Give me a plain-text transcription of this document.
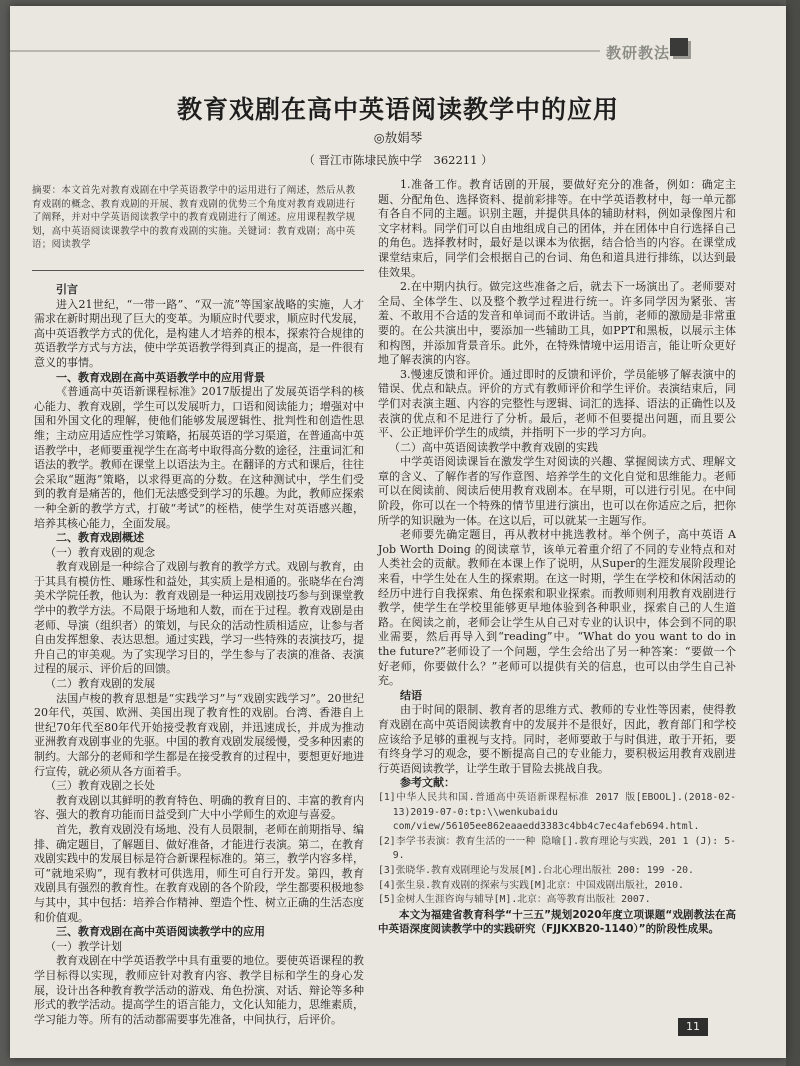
教研教法
教育戏剧在高中英语阅读教学中的应用
◎敖娟琴
（ 晋江市陈埭民族中学　362211 ）
摘要：本文首先对教育戏剧在中学英语教学中的运用进行了阐述，然后从教育戏剧的概念、教育戏剧的开展、教育戏剧的优势三个角度对教育戏剧进行了阐释，并对中学英语阅读教学中的教育戏剧进行了阐述。应用课程教学规划，高中英语阅读课教学中的教育戏剧的实施。关键词：教育戏剧；高中英语；阅读教学
引言

进入21世纪，“一带一路”、“双一流”等国家战略的实施，人才需求在新时期出现了巨大的变革。为顺应时代要求，顺应时代发展，高中英语教学方式的优化，是构建人才培养的根本，探索符合规律的英语教学方式与方法，使中学英语教学得到真正的提高，是一件很有意义的事情。

一、教育戏剧在高中英语教学中的应用背景

《普通高中英语新课程标准》2017版提出了发展英语学科的核心能力、教育戏剧，学生可以发展听力，口语和阅读能力；增强对中国和外国文化的理解，使他们能够发展逻辑性、批判性和创造性思维；主动应用适应性学习策略，拓展英语的学习渠道，在普通高中英语教学中，老师要重视学生在高考中取得高分数的途径，注重词汇和语法的教学。教师在课堂上以语法为主。在翻译的方式和课后，往往会采取“题海”策略，以求得更高的分数。在这种测试中，学生们受到的教育是痛苦的，他们无法感受到学习的乐趣。为此，教师应探索一种全新的教学方式，打破“考试”的桎梏，使学生对英语感兴趣，培养其核心能力，全面发展。

二、教育戏剧概述
（一）教育戏剧的观念

教育戏剧是一种综合了戏剧与教育的教学方式。戏剧与教育，由于其具有模仿性、雕琢性和益处，其实质上是相通的。张晓华在台湾美术学院任教，他认为：教育戏剧是一种运用戏剧技巧参与到课堂教学中的教学方法。不局限于场地和人数，而在于过程。教育戏剧是由老师、导演（组织者）的策划，与民众的活动性质相适应，让参与者自由发挥想象、表达思想。通过实践，学习一些特殊的表演技巧，提升自己的审美观。为了实现学习目的，学生参与了表演的准备、表演过程的展示、评价后的回馈。

（二）教育戏剧的发展

法国卢梭的教育思想是“实践学习”与“戏剧实践学习”。20世纪20年代，英国、欧洲、美国出现了教育性的戏剧。台湾、香港自上世纪70年代至80年代开始接受教育戏剧，并迅速成长，并成为推动亚洲教育戏剧事业的先驱。中国的教育戏剧发展缓慢，受多种因素的制约。大部分的老师和学生都是在接受教育的过程中，要想更好地进行宣传，就必须从各方面着手。

（三）教育戏剧之长处

教育戏剧以其鲜明的教育特色、明确的教育目的、丰富的教育内容、强大的教育功能而日益受到广大中小学师生的欢迎与喜爱。

首先，教育戏剧没有场地、没有人员限制，老师在前期指导、编排、确定题目，了解题目、做好准备，才能进行表演。第二，在教育戏剧实践中的发展目标是符合新课程标准的。第三，教学内容多样，可“就地采购”，现有教材可供选用，师生可自行开发。第四，教育戏剧具有强烈的教育性。在教育戏剧的各个阶段，学生都要积极地参与其中，其中包括：培养合作精神、塑造个性、树立正确的生活态度和价值观。

三、教育戏剧在高中英语阅读教学中的应用
（一）教学计划

教育戏剧在中学英语教学中具有重要的地位。要使英语课程的教学目标得以实现，教师应针对教育内容、教学目标和学生的身心发展，设计出各种教育教学活动的游戏、角色扮演、对话、辩论等多种形式的教学活动。提高学生的语言能力，文化认知能力，思维素质，学习能力等。所有的活动都需要事先准备，中间执行，后评价。

1.准备工作。教育话剧的开展，要做好充分的准备，例如：确定主题、分配角色、选择资料、提前彩排等。在中学英语教材中，每一单元都有各自不同的主题。识别主题，并提供具体的辅助材料，例如录像图片和文字材料。同学们可以自由地组成自己的团体，并在团体中自行选择自己的角色。选择教材时，最好是以课本为依据，结合恰当的内容。在课堂成课堂结束后，同学们会根据自己的台词、角色和道具进行排练，以达到最佳效果。

2.在中期内执行。做完这些准备之后，就去下一场演出了。老师要对全局、全体学生、以及整个教学过程进行统一。许多同学因为紧张、害羞、不敢用不合适的发音和单词而不敢讲话。当前，老师的激励是非常重要的。在公共演出中，要添加一些辅助工具，如PPT和黑板，以展示主体和构图，并添加背景音乐。此外，在特殊情境中运用语言，能让听众更好地了解表演的内容。

3.慢速反馈和评价。通过即时的反馈和评价，学员能够了解表演中的错误、优点和缺点。评价的方式有教师评价和学生评价。表演结束后，同学们对表演主题、内容的完整性与逻辑、词汇的选择、语法的正确性以及表演的优点和不足进行了分析。最后，老师不但要提出问题，而且要公平、公正地评价学生的成绩，并指明下一步的学习方向。

（二）高中英语阅读教学中教育戏剧的实践

中学英语阅读课旨在激发学生对阅读的兴趣、掌握阅读方式、理解文章的含义、了解作者的写作意图、培养学生的文化自觉和思维能力。老师可以在阅读前、阅读后使用教育戏剧本。在早期，可以进行引见。在中间阶段，你可以在一个特殊的情节里进行演出，也可以在你适应之后，把你所学的知识融为一体。在这以后，可以就某一主题写作。

老师要先确定题目，再从教材中挑选教材。举个例子，高中英语 A Job Worth Doing 的阅读章节，该单元着重介绍了不同的专业特点和对人类社会的贡献。教师在本课上作了说明，从Super的生涯发展阶段理论来看，中学生处在人生的探索期。在这一时期，学生在学校和休闲活动的经历中进行自我探索、角色探索和职业探索。而教师则利用教育戏剧进行教学，使学生在学校里能够更早地体验到各种职业，探索自己的人生道路。在阅读之前，老师会让学生从自己对专业的认识中，体会到不同的职业需要，然后再导入到“reading”中。“What do you want to do in the future?”老师设了一个问题，学生会给出了另一种答案：“要做一个好老师，你要做什么？”老师可以提供有关的信息，也可以由学生自己补充。

结语

由于时间的限制、教育者的思维方式、教师的专业性等因素，使得教育戏剧在高中英语阅读教育中的发展并不是很好，因此，教育部门和学校应该给予足够的重视与支持。同时，老师要敢于与时俱进，敢于开拓，要有终身学习的观念，要不断提高自己的专业能力，要积极运用教育戏剧进行英语阅读教学，让学生敢于冒险去挑战自我。

参考文献：
[1]中华人民共和国.普通高中英语新课程标准 2017 版[EBOOL].(2018-02-13)2019-07-0:tp:\\wenkubaidu com/view/56105ee862eaaedd3383c4bb4c7ec4afeb694.html.
[2]李学书表演：教育生活的一一种 隐喻[].教育理论与实践，201 1 (J): 5- 9.
[3]张晓华.教育戏剧理论与发展[M].台北心理出版社 200: 199 -20.
[4]张生泉.教育戏剧的探索与实践[M]北京：中国戏剧出版社，2010.
[5]金树人生涯咨询与辅导[M].北京：高等教育出版社 2007.

本文为福建省教育科学“十三五”规划2020年度立项课题“戏剧教法在高中英语深度阅读教学中的实践研究（FJJKXB20-1140）”的阶段性成果。

11
